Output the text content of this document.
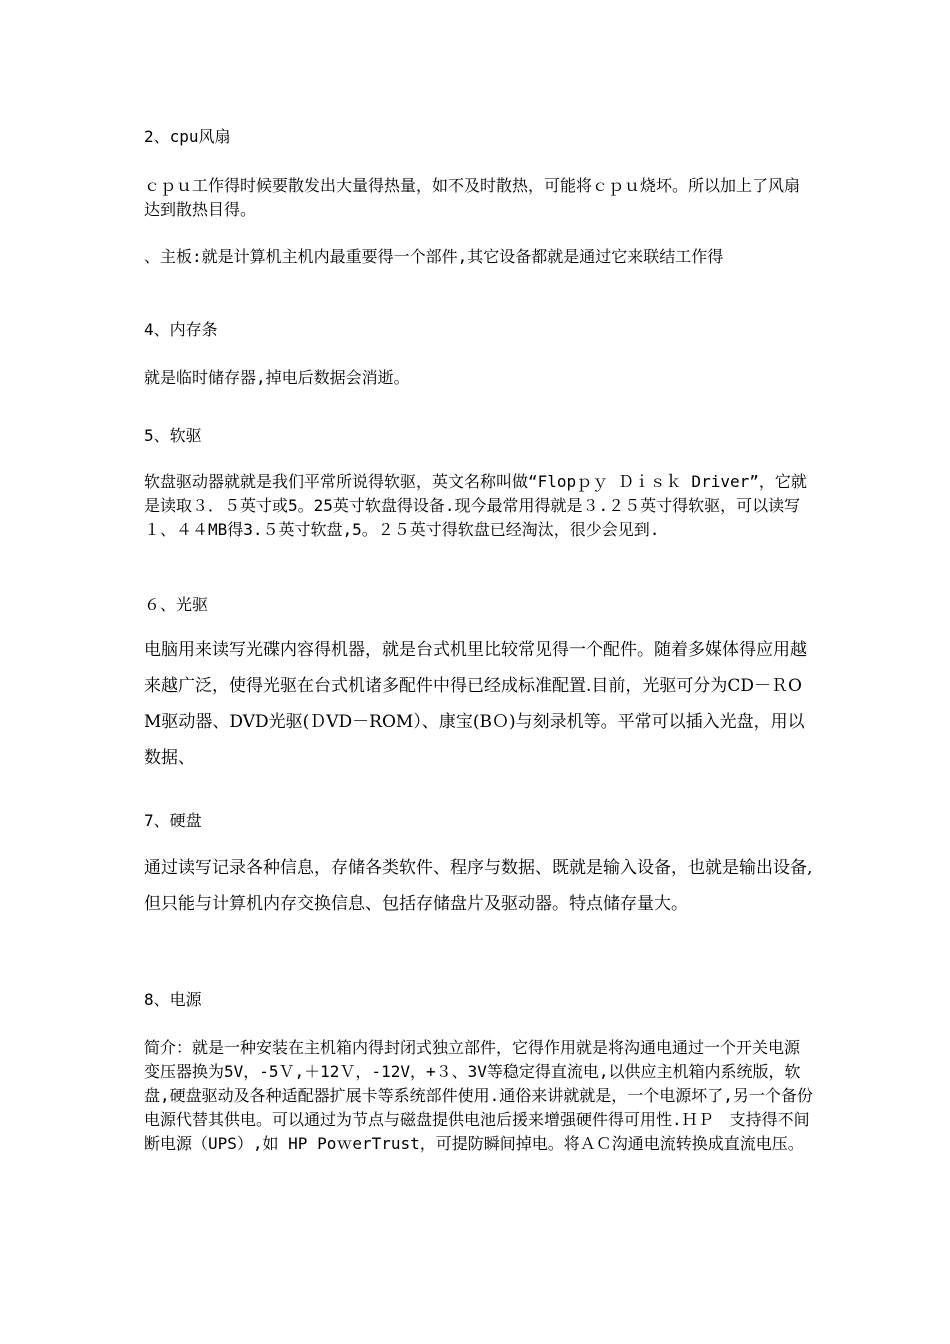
2、cpu风扇

ｃｐｕ工作得时候要散发出大量得热量，如不及时散热，可能将ｃｐｕ烧坏。所以加上了风扇达到散热目得。

、主板:就是计算机主机内最重要得一个部件,其它设备都就是通过它来联结工作得

4、内存条

就是临时储存器,掉电后数据会消逝。

5、软驱

软盘驱动器就就是我们平常所说得软驱，英文名称叫做“Flopｐｙ Ｄｉｓｋ Driver”，它就是读取３．５英寸或5。25英寸软盘得设备.现今最常用得就是３.２５英寸得软驱，可以读写１、４４MB得3.５英寸软盘,5。２５英寸得软盘已经淘汰，很少会见到.

６、光驱

电脑用来读写光碟内容得机器，就是台式机里比较常见得一个配件。随着多媒体得应用越来越广泛，使得光驱在台式机诸多配件中得已经成标准配置.目前，光驱可分为CD－ＲOM驱动器、DVD光驱(ＤVD－ROM）、康宝(BＯ)与刻录机等。平常可以插入光盘，用以数据、

7、硬盘

通过读写记录各种信息，存储各类软件、程序与数据、既就是输入设备，也就是输出设备,但只能与计算机内存交换信息、包括存储盘片及驱动器。特点储存量大。

8、电源

简介：就是一种安装在主机箱内得封闭式独立部件，它得作用就是将沟通电通过一个开关电源变压器换为5V，-5Ｖ,＋12Ｖ，-12V，+３、3V等稳定得直流电,以供应主机箱内系统版，软盘,硬盘驱动及各种适配器扩展卡等系统部件使用.通俗来讲就就是，一个电源坏了,另一个备份电源代替其供电。可以通过为节点与磁盘提供电池后援来增强硬件得可用性.ＨＰ　支持得不间断电源（UPS）,如 HP PoｗerTrust，可提防瞬间掉电。将ＡＣ沟通电流转换成直流电压。
